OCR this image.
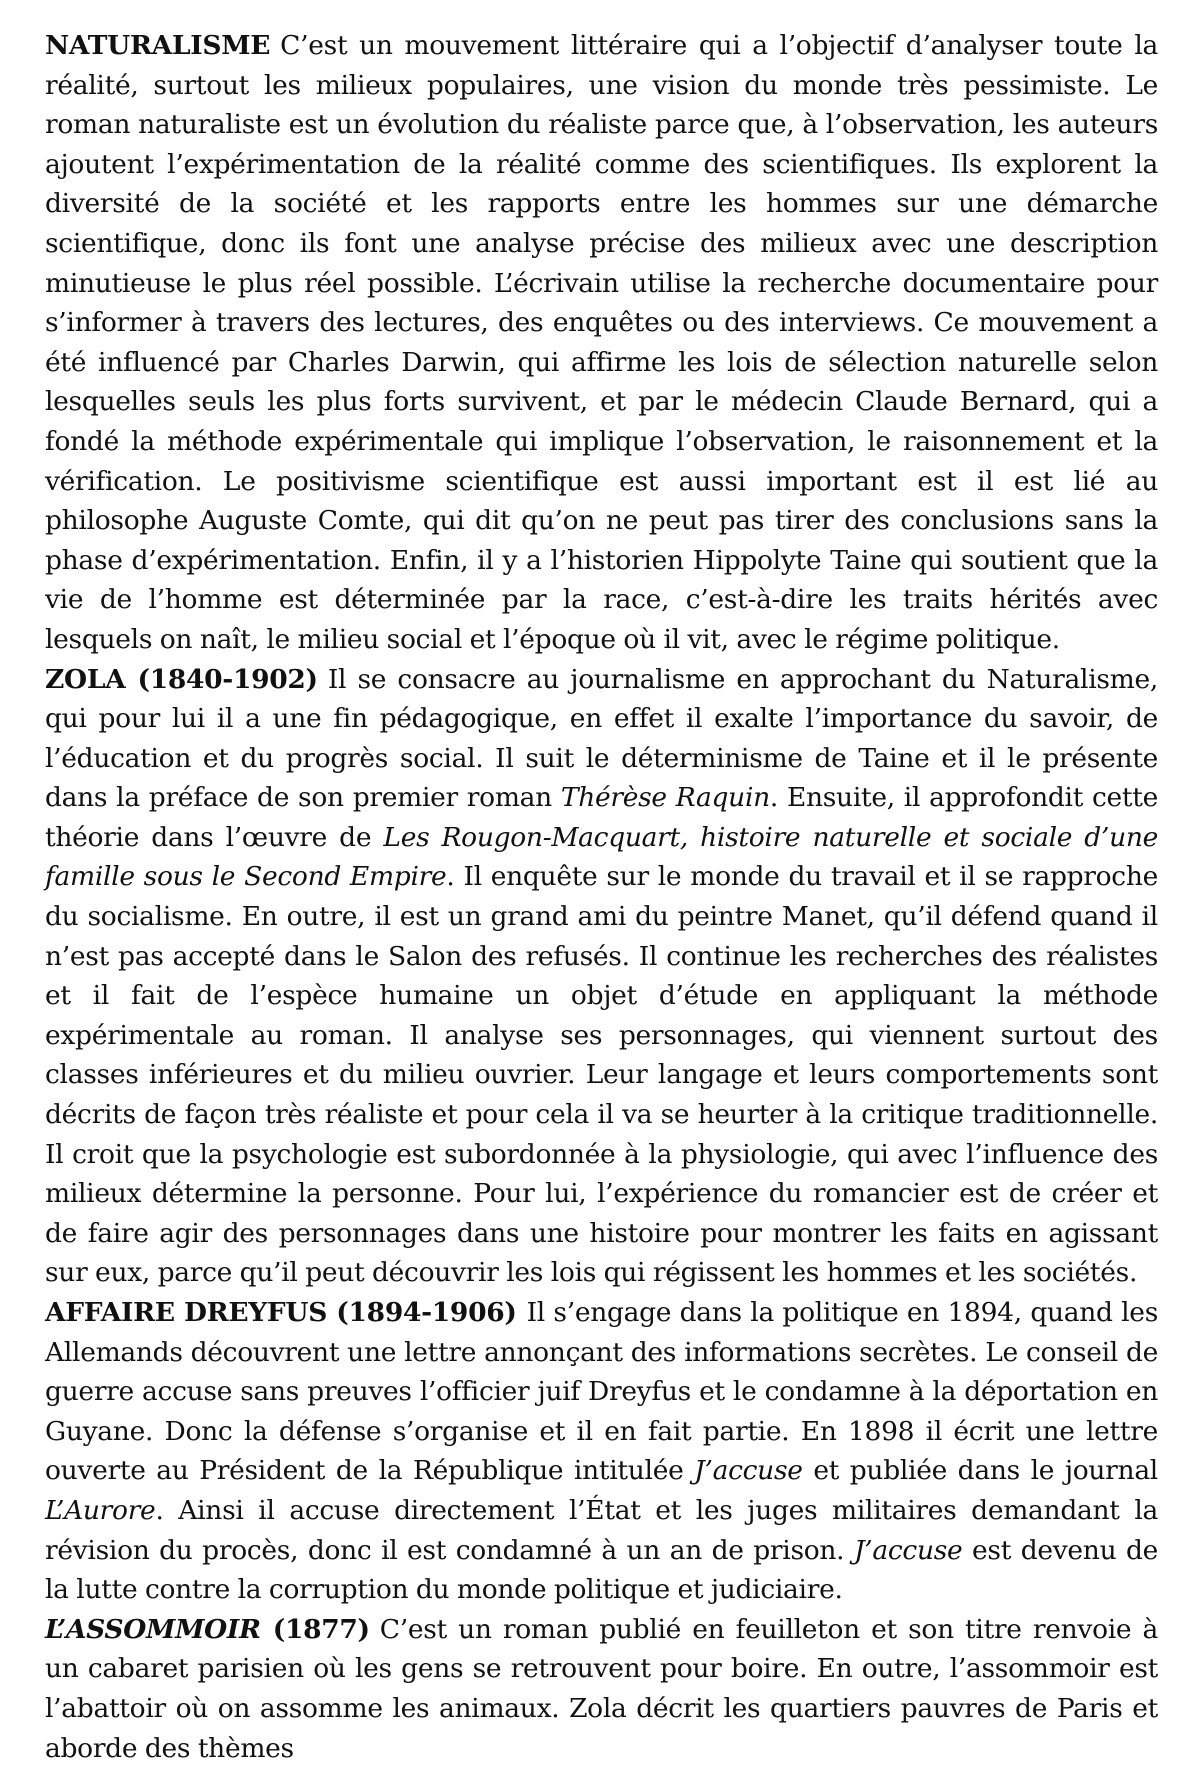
NATURALISME C’est un mouvement littéraire qui a l’objectif d’analyser toute la réalité, surtout les milieux populaires, une vision du monde très pessimiste. Le roman naturaliste est un évolution du réaliste parce que, à l’observation, les auteurs ajoutent l’expérimentation de la réalité comme des scientifiques. Ils explorent la diversité de la société et les rapports entre les hommes sur une démarche scientifique, donc ils font une analyse précise des milieux avec une description minutieuse le plus réel possible. L’écrivain utilise la recherche documentaire pour s’informer à travers des lectures, des enquêtes ou des interviews. Ce mouvement a été influencé par Charles Darwin, qui affirme les lois de sélection naturelle selon lesquelles seuls les plus forts survivent, et par le médecin Claude Bernard, qui a fondé la méthode expérimentale qui implique l’observation, le raisonnement et la vérification. Le positivisme scientifique est aussi important est il est lié au philosophe Auguste Comte, qui dit qu’on ne peut pas tirer des conclusions sans la phase d’expérimentation. Enfin, il y a l’historien Hippolyte Taine qui soutient que la vie de l’homme est déterminée par la race, c’est-à-dire les traits hérités avec lesquels on naît, le milieu social et l’époque où il vit, avec le régime politique.

ZOLA (1840-1902) Il se consacre au journalisme en approchant du Naturalisme, qui pour lui il a une fin pédagogique, en effet il exalte l’importance du savoir, de l’éducation et du progrès social. Il suit le déterminisme de Taine et il le présente dans la préface de son premier roman Thérèse Raquin. Ensuite, il approfondit cette théorie dans l’œuvre de Les Rougon-Macquart, histoire naturelle et sociale d’une famille sous le Second Empire. Il enquête sur le monde du travail et il se rapproche du socialisme. En outre, il est un grand ami du peintre Manet, qu’il défend quand il n’est pas accepté dans le Salon des refusés. Il continue les recherches des réalistes et il fait de l’espèce humaine un objet d’étude en appliquant la méthode expérimentale au roman. Il analyse ses personnages, qui viennent surtout des classes inférieures et du milieu ouvrier. Leur langage et leurs comportements sont décrits de façon très réaliste et pour cela il va se heurter à la critique traditionnelle. Il croit que la psychologie est subordonnée à la physiologie, qui avec l’influence des milieux détermine la personne. Pour lui, l’expérience du romancier est de créer et de faire agir des personnages dans une histoire pour montrer les faits en agissant sur eux, parce qu’il peut découvrir les lois qui régissent les hommes et les sociétés.

AFFAIRE DREYFUS (1894-1906) Il s’engage dans la politique en 1894, quand les Allemands découvrent une lettre annonçant des informations secrètes. Le conseil de guerre accuse sans preuves l’officier juif Dreyfus et le condamne à la déportation en Guyane. Donc la défense s’organise et il en fait partie. En 1898 il écrit une lettre ouverte au Président de la République intitulée J’accuse et publiée dans le journal L’Aurore. Ainsi il accuse directement l’État et les juges militaires demandant la révision du procès, donc il est condamné à un an de prison. J’accuse est devenu de la lutte contre la corruption du monde politique et judiciaire.

L’ASSOMMOIR (1877) C’est un roman publié en feuilleton et son titre renvoie à un cabaret parisien où les gens se retrouvent pour boire. En outre, l’assommoir est l’abattoir où on assomme les animaux. Zola décrit les quartiers pauvres de Paris et aborde des thèmes
